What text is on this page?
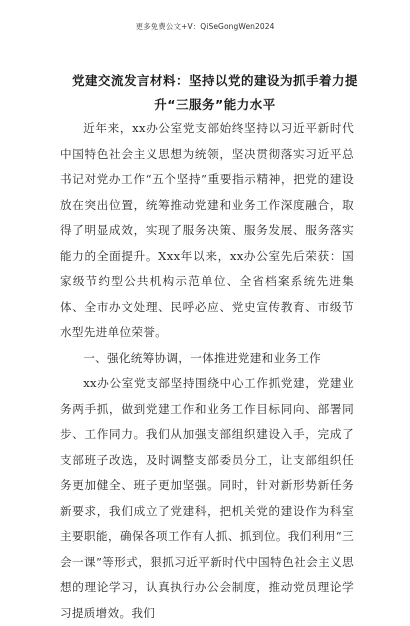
更多免费公文+V：QiSeGongWen2024
党建交流发言材料：坚持以党的建设为抓手着力提升“三服务”能力水平

近年来，xx办公室党支部始终坚持以习近平新时代中国特色社会主义思想为统领，坚决贯彻落实习近平总书记对党办工作“五个坚持”重要指示精神，把党的建设放在突出位置，统筹推动党建和业务工作深度融合，取得了明显成效，实现了服务决策、服务发展、服务落实能力的全面提升。Xxx年以来，xx办公室先后荣获：国家级节约型公共机构示范单位、全省档案系统先进集体、全市办文处理、民呼必应、党史宣传教育、市级节水型先进单位荣誉。

一、强化统筹协调，一体推进党建和业务工作

xx办公室党支部坚持围绕中心工作抓党建，党建业务两手抓，做到党建工作和业务工作目标同向、部署同步、工作同力。我们从加强支部组织建设入手，完成了支部班子改选，及时调整支部委员分工，让支部组织任务更加健全、班子更加坚强。同时，针对新形势新任务新要求，我们成立了党建科，把机关党的建设作为科室主要职能，确保各项工作有人抓、抓到位。我们利用“三会一课”等形式，狠抓习近平新时代中国特色社会主义思想的理论学习，认真执行办公会制度，推动党员理论学习提质增效。我们
